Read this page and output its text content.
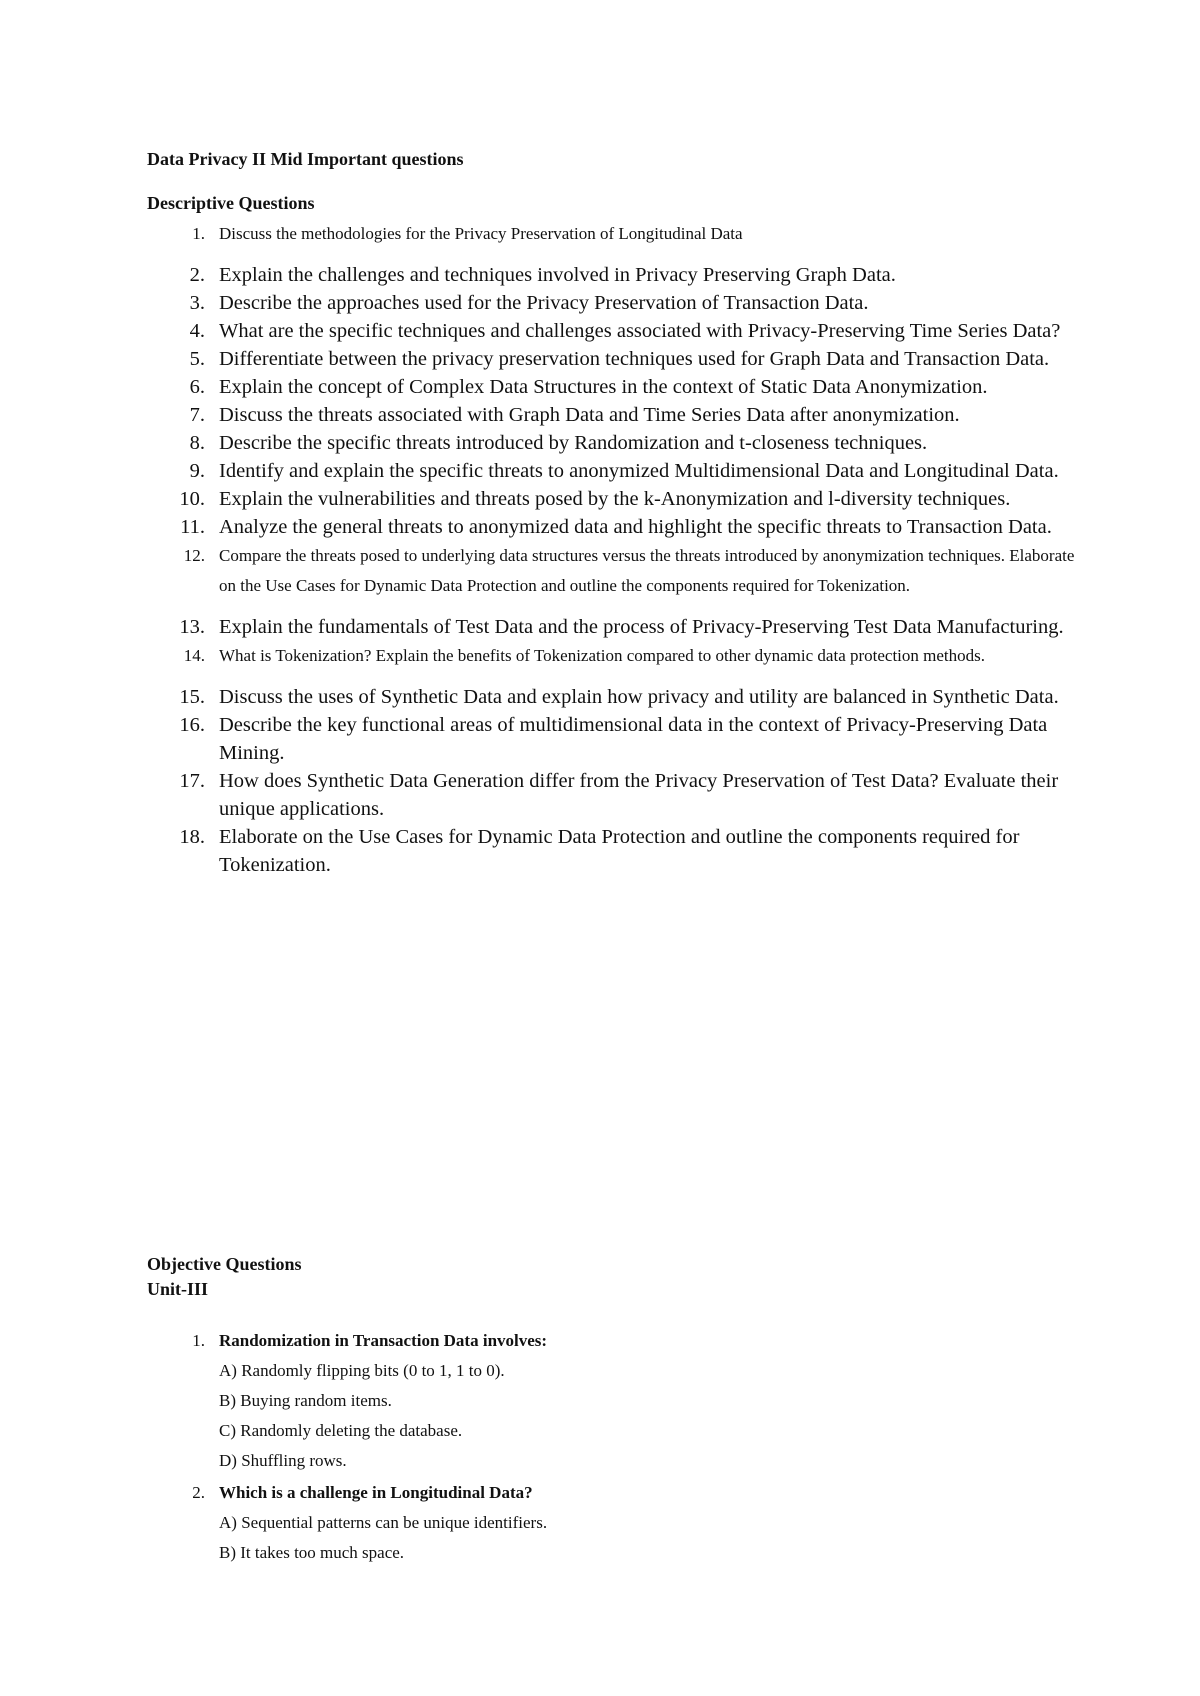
Data Privacy II Mid Important questions
Descriptive Questions
1. Discuss the methodologies for the Privacy Preservation of Longitudinal Data
2. Explain the challenges and techniques involved in Privacy Preserving Graph Data.
3. Describe the approaches used for the Privacy Preservation of Transaction Data.
4. What are the specific techniques and challenges associated with Privacy-Preserving Time Series Data?
5. Differentiate between the privacy preservation techniques used for Graph Data and Transaction Data.
6. Explain the concept of Complex Data Structures in the context of Static Data Anonymization.
7. Discuss the threats associated with Graph Data and Time Series Data after anonymization.
8. Describe the specific threats introduced by Randomization and t-closeness techniques.
9. Identify and explain the specific threats to anonymized Multidimensional Data and Longitudinal Data.
10. Explain the vulnerabilities and threats posed by the k-Anonymization and l-diversity techniques.
11. Analyze the general threats to anonymized data and highlight the specific threats to Transaction Data.
12. Compare the threats posed to underlying data structures versus the threats introduced by anonymization techniques. Elaborate on the Use Cases for Dynamic Data Protection and outline the components required for Tokenization.
13. Explain the fundamentals of Test Data and the process of Privacy-Preserving Test Data Manufacturing.
14. What is Tokenization? Explain the benefits of Tokenization compared to other dynamic data protection methods.
15. Discuss the uses of Synthetic Data and explain how privacy and utility are balanced in Synthetic Data.
16. Describe the key functional areas of multidimensional data in the context of Privacy-Preserving Data Mining.
17. How does Synthetic Data Generation differ from the Privacy Preservation of Test Data? Evaluate their unique applications.
18. Elaborate on the Use Cases for Dynamic Data Protection and outline the components required for Tokenization.
Objective Questions
Unit-III
1. Randomization in Transaction Data involves:
A) Randomly flipping bits (0 to 1, 1 to 0).
B) Buying random items.
C) Randomly deleting the database.
D) Shuffling rows.
2. Which is a challenge in Longitudinal Data?
A) Sequential patterns can be unique identifiers.
B) It takes too much space.
